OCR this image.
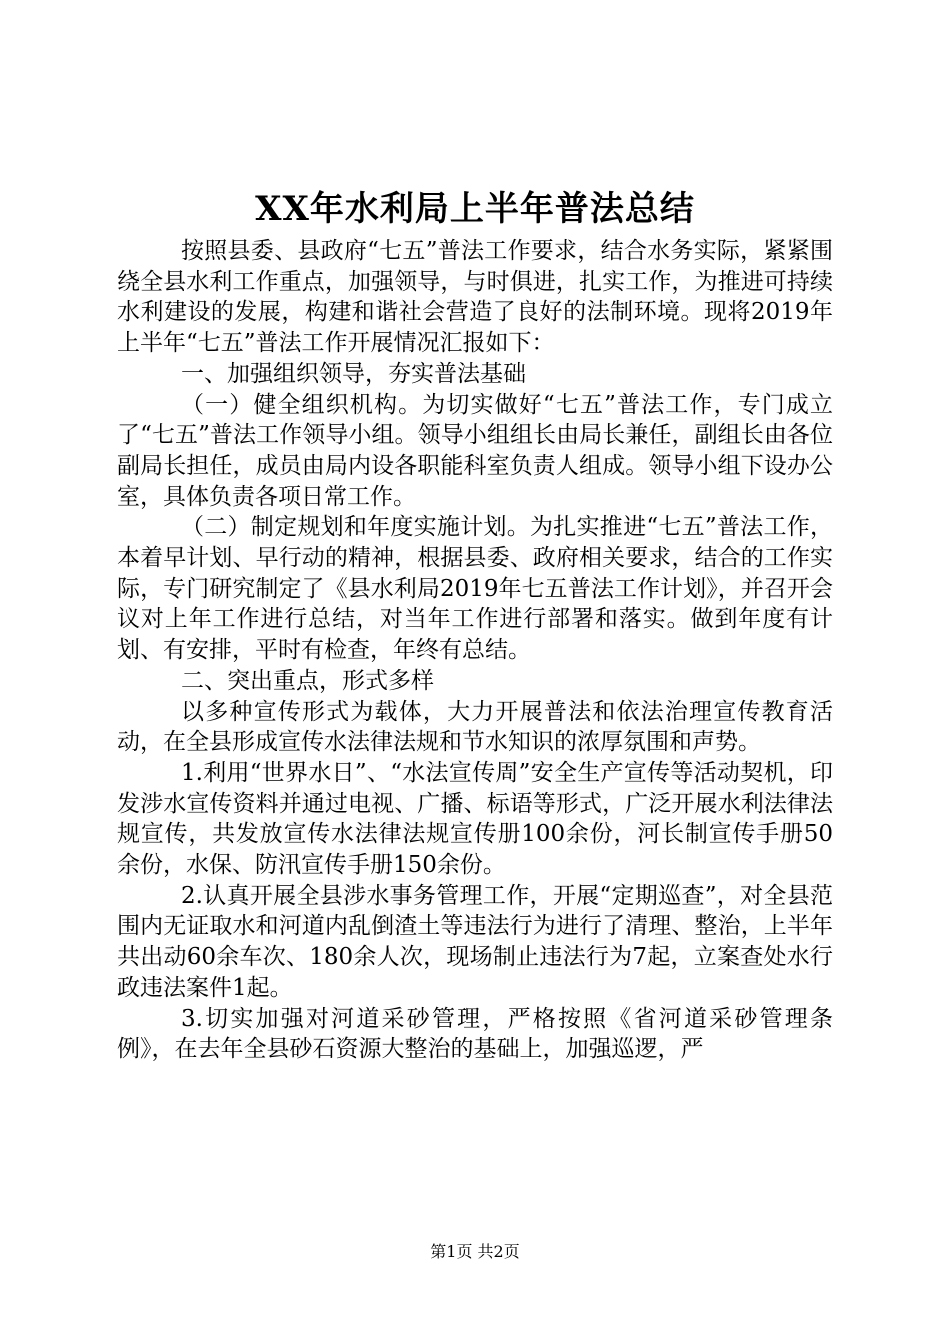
XX年水利局上半年普法总结

按照县委、县政府“七五”普法工作要求，结合水务实际，紧紧围绕全县水利工作重点，加强领导，与时俱进，扎实工作，为推进可持续水利建设的发展，构建和谐社会营造了良好的法制环境。现将2019年上半年“七五”普法工作开展情况汇报如下：

一、加强组织领导，夯实普法基础

（一）健全组织机构。为切实做好“七五”普法工作，专门成立了“七五”普法工作领导小组。领导小组组长由局长兼任，副组长由各位副局长担任，成员由局内设各职能科室负责人组成。领导小组下设办公室，具体负责各项日常工作。

（二）制定规划和年度实施计划。为扎实推进“七五”普法工作，本着早计划、早行动的精神，根据县委、政府相关要求，结合的工作实际，专门研究制定了《县水利局2019年七五普法工作计划》，并召开会议对上年工作进行总结，对当年工作进行部署和落实。做到年度有计划、有安排，平时有检查，年终有总结。

二、突出重点，形式多样

以多种宣传形式为载体，大力开展普法和依法治理宣传教育活动，在全县形成宣传水法律法规和节水知识的浓厚氛围和声势。

1.利用“世界水日”、“水法宣传周”安全生产宣传等活动契机，印发涉水宣传资料并通过电视、广播、标语等形式，广泛开展水利法律法规宣传，共发放宣传水法律法规宣传册100余份，河长制宣传手册50余份，水保、防汛宣传手册150余份。

2.认真开展全县涉水事务管理工作，开展“定期巡查”，对全县范围内无证取水和河道内乱倒渣土等违法行为进行了清理、整治，上半年共出动60余车次、180余人次，现场制止违法行为7起，立案查处水行政违法案件1起。

3.切实加强对河道采砂管理，严格按照《省河道采砂管理条例》，在去年全县砂石资源大整治的基础上，加强巡逻，严

第1页 共2页
